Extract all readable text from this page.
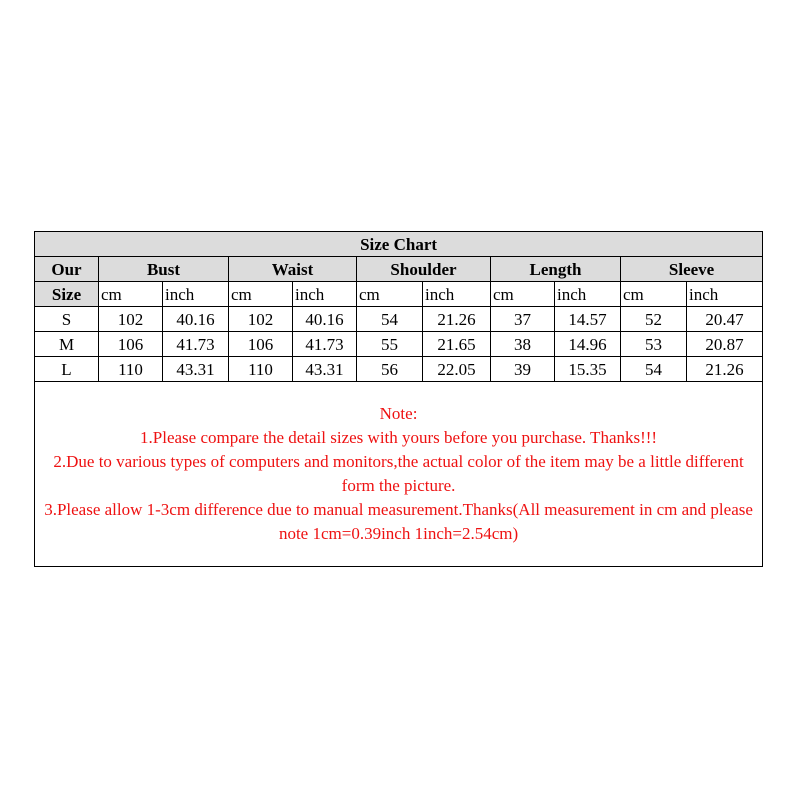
Size Chart										
Our	Bust		Waist		Shoulder		Length		Sleeve	
Size	cm	inch	cm	inch	cm	inch	cm	inch	cm	inch
S	102	40.16	102	40.16	54	21.26	37	14.57	52	20.47
M	106	41.73	106	41.73	55	21.65	38	14.96	53	20.87
L	110	43.31	110	43.31	56	22.05	39	15.35	54	21.26

Note:
1.Please compare the detail sizes with yours before you purchase. Thanks!!!
2.Due to various types of computers and monitors,the actual color of the item may be a little different form the picture.
3.Please allow 1-3cm difference due to manual measurement.Thanks(All measurement in cm and please note 1cm=0.39inch 1inch=2.54cm)										
